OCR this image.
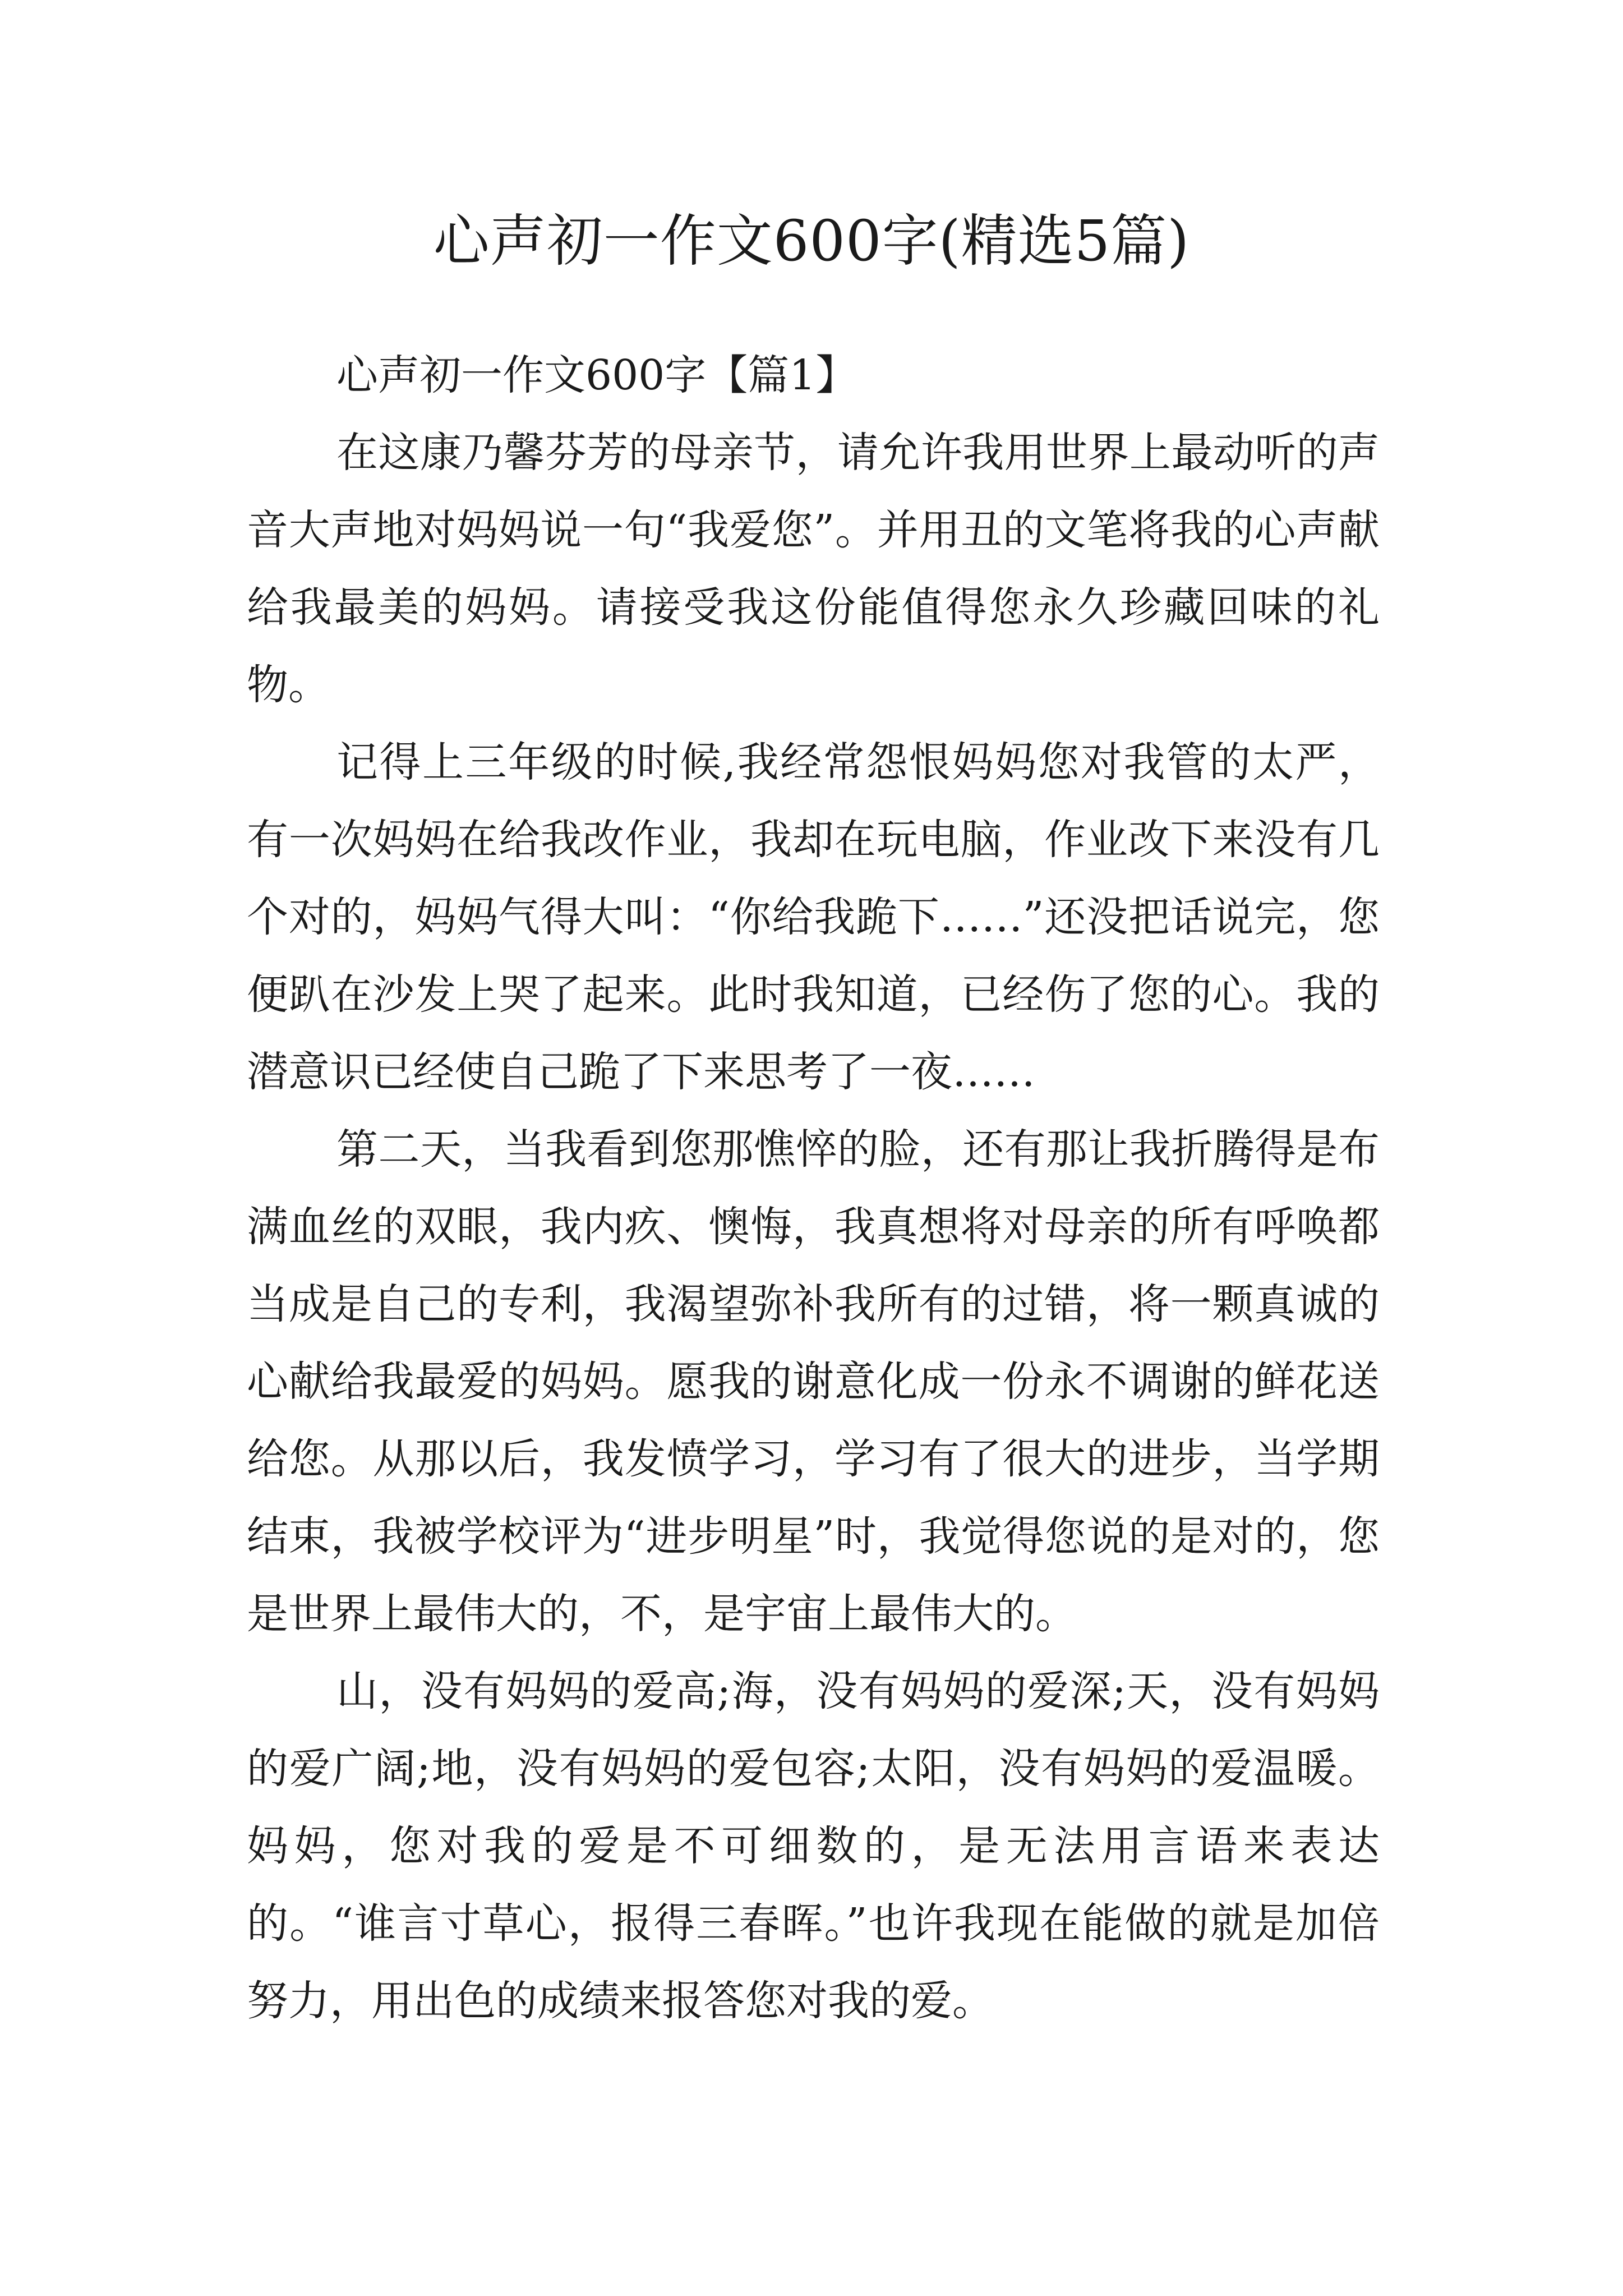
心声初一作文600字(精选5篇)

心声初一作文600字【篇1】

在这康乃馨芬芳的母亲节，请允许我用世界上最动听的声音大声地对妈妈说一句“我爱您”。并用丑的文笔将我的心声献给我最美的妈妈。请接受我这份能值得您永久珍藏回味的礼物。

记得上三年级的时候,我经常怨恨妈妈您对我管的太严，有一次妈妈在给我改作业，我却在玩电脑，作业改下来没有几个对的，妈妈气得大叫：“你给我跪下……”还没把话说完，您便趴在沙发上哭了起来。此时我知道，已经伤了您的心。我的潜意识已经使自己跪了下来思考了一夜……

第二天，当我看到您那憔悴的脸，还有那让我折腾得是布满血丝的双眼，我内疚、懊悔，我真想将对母亲的所有呼唤都当成是自己的专利，我渴望弥补我所有的过错，将一颗真诚的心献给我最爱的妈妈。愿我的谢意化成一份永不调谢的鲜花送给您。从那以后，我发愤学习，学习有了很大的进步，当学期结束，我被学校评为“进步明星”时，我觉得您说的是对的，您是世界上最伟大的，不，是宇宙上最伟大的。

山，没有妈妈的爱高;海，没有妈妈的爱深;天，没有妈妈的爱广阔;地，没有妈妈的爱包容;太阳，没有妈妈的爱温暖。妈妈，您对我的爱是不可细数的，是无法用言语来表达的。“谁言寸草心，报得三春晖。”也许我现在能做的就是加倍努力，用出色的成绩来报答您对我的爱。
